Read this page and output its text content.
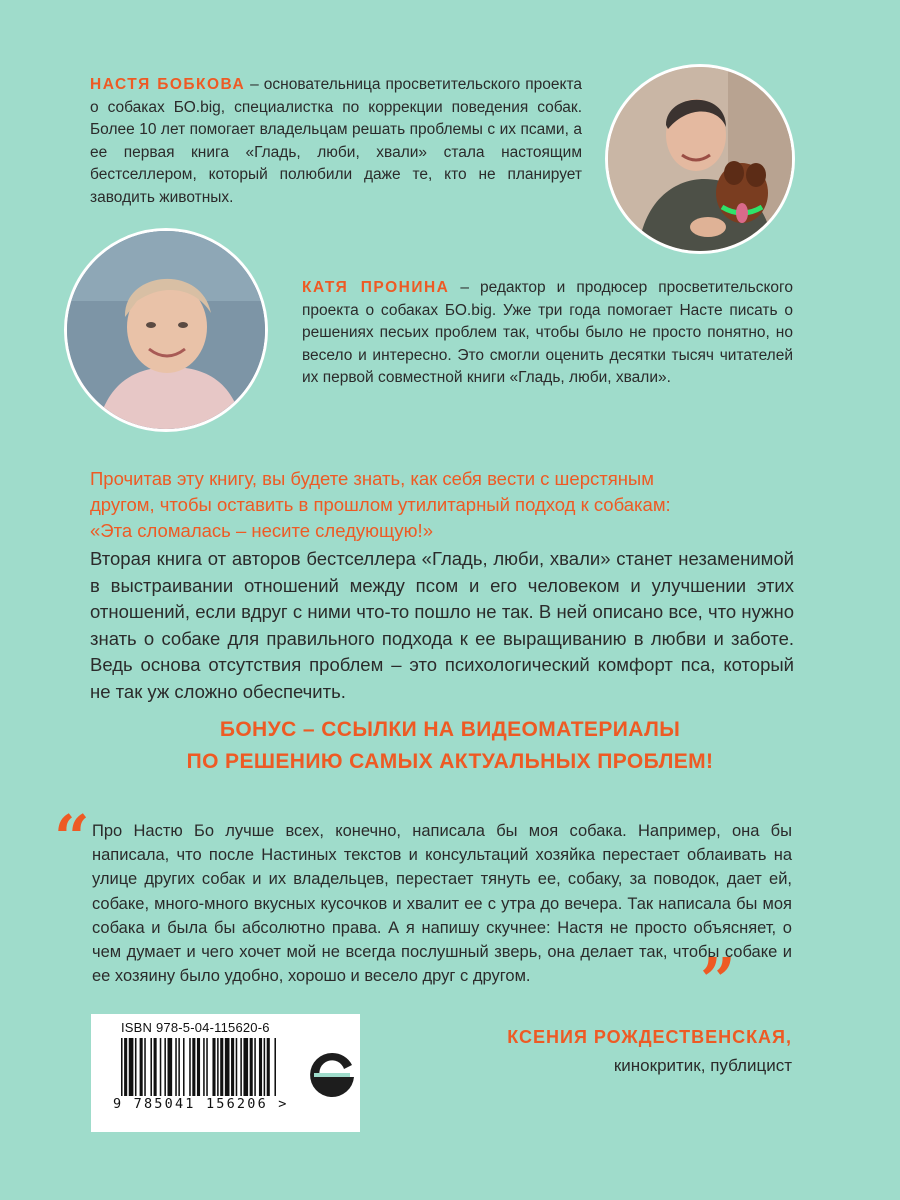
НАСТЯ БОБКОВА – основательница просветительского проекта о собаках БО.big, специалистка по коррекции поведения собак. Более 10 лет помогает владельцам решать проблемы с их псами, а ее первая книга «Гладь, люби, хвали» стала настоящим бестселлером, который полюбили даже те, кто не планирует заводить животных.
КАТЯ ПРОНИНА – редактор и продюсер просветительского проекта о собаках БО.big. Уже три года помогает Насте писать о решениях песьих проблем так, чтобы было не просто понятно, но весело и интересно. Это смогли оценить десятки тысяч читателей их первой совместной книги «Гладь, люби, хвали».
Прочитав эту книгу, вы будете знать, как себя вести с шерстяным
другом, чтобы оставить в прошлом утилитарный подход к собакам:
«Эта сломалась – несите следующую!»
Вторая книга от авторов бестселлера «Гладь, люби, хвали» станет незаменимой в выстраивании отношений между псом и его человеком и улучшении этих отношений, если вдруг с ними что-то пошло не так. В ней описано все, что нужно знать о собаке для правильного подхода к ее выращиванию в любви и заботе. Ведь основа отсутствия проблем – это психологический комфорт пса, который не так уж сложно обеспечить.
БОНУС – ССЫЛКИ НА ВИДЕОМАТЕРИАЛЫ
ПО РЕШЕНИЮ САМЫХ АКТУАЛЬНЫХ ПРОБЛЕМ!
“ Про Настю Бо лучше всех, конечно, написала бы моя собака. Например, она бы написала, что после Настиных текстов и консультаций хозяйка перестает облаивать на улице других собак и их владельцев, перестает тянуть ее, собаку, за поводок, дает ей, собаке, много-много вкусных кусочков и хвалит ее с утра до вечера. Так написала бы моя собака и была бы абсолютно права. А я напишу скучнее: Настя не просто объясняет, о чем думает и чего хочет мой не всегда послушный зверь, она делает так, чтобы собаке и ее хозяину было удобно, хорошо и весело друг с другом.	”
ISBN 978-5-04-115620-6
9 785041 156206 >
КСЕНИЯ РОЖДЕСТВЕНСКАЯ,
кинокритик, публицист
